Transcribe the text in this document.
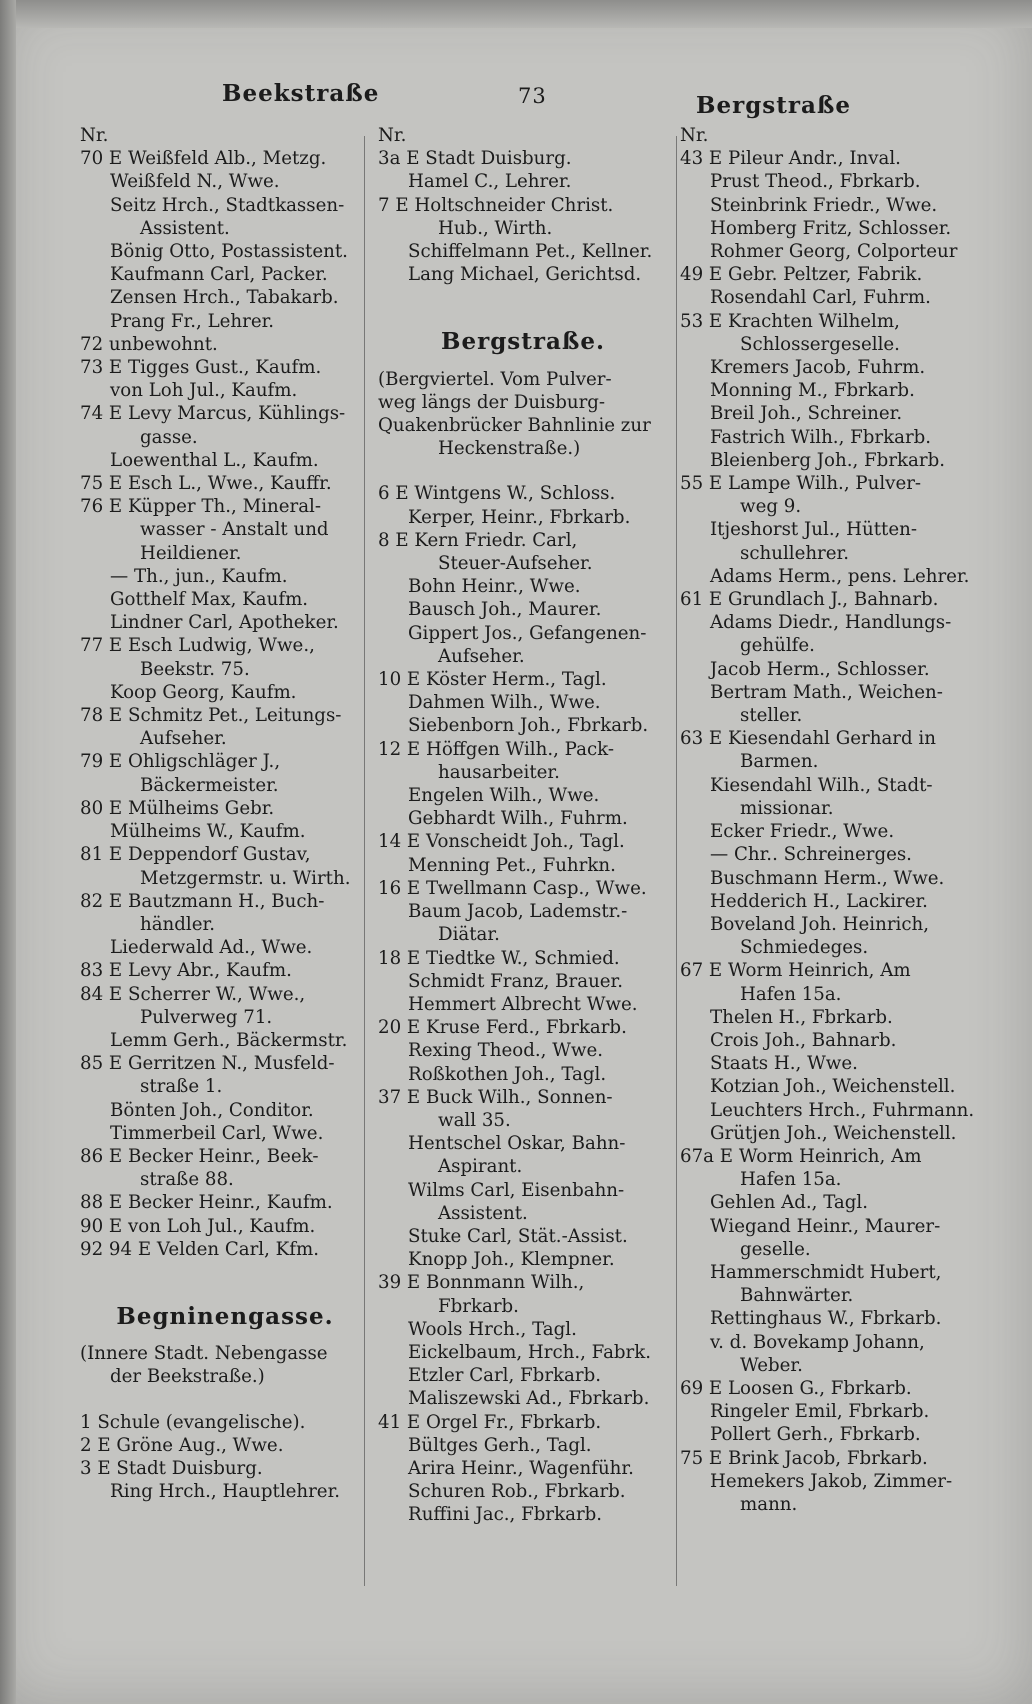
Beekstraße	73	Bergstraße
Nr.
70 E Weißfeld Alb., Metzg.
Weißfeld N., Wwe.
Seitz Hrch., Stadtkassen-
Assistent.
Bönig Otto, Postassistent.
Kaufmann Carl, Packer.
Zensen Hrch., Tabakarb.
Prang Fr., Lehrer.
72 unbewohnt.
73 E Tigges Gust., Kaufm.
von Loh Jul., Kaufm.
74 E Levy Marcus, Kühlings-
gasse.
Loewenthal L., Kaufm.
75 E Esch L., Wwe., Kauffr.
76 E Küpper Th., Mineral-
wasser - Anstalt und
Heildiener.
— Th., jun., Kaufm.
Gotthelf Max, Kaufm.
Lindner Carl, Apotheker.
77 E Esch Ludwig, Wwe.,
Beekstr. 75.
Koop Georg, Kaufm.
78 E Schmitz Pet., Leitungs-
Aufseher.
79 E Ohligschläger J.,
Bäckermeister.
80 E Mülheims Gebr.
Mülheims W., Kaufm.
81 E Deppendorf Gustav,
Metzgermstr. u. Wirth.
82 E Bautzmann H., Buch-
händler.
Liederwald Ad., Wwe.
83 E Levy Abr., Kaufm.
84 E Scherrer W., Wwe.,
Pulverweg 71.
Lemm Gerh., Bäckermstr.
85 E Gerritzen N., Musfeld-
straße 1.
Bönten Joh., Conditor.
Timmerbeil Carl, Wwe.
86 E Becker Heinr., Beek-
straße 88.
88 E Becker Heinr., Kaufm.
90 E von Loh Jul., Kaufm.
92 94 E Velden Carl, Kfm.
Begninengasse.
(Innere Stadt. Nebengasse
der Beekstraße.)
1 Schule (evangelische).
2 E Gröne Aug., Wwe.
3 E Stadt Duisburg.
Ring Hrch., Hauptlehrer.
Nr.
3a E Stadt Duisburg.
Hamel C., Lehrer.
7 E Holtschneider Christ.
Hub., Wirth.
Schiffelmann Pet., Kellner.
Lang Michael, Gerichtsd.
Bergstraße.
(Bergviertel. Vom Pulver-
weg längs der Duisburg-
Quakenbrücker Bahnlinie zur
Heckenstraße.)
6 E Wintgens W., Schloss.
Kerper, Heinr., Fbrkarb.
8 E Kern Friedr. Carl,
Steuer-Aufseher.
Bohn Heinr., Wwe.
Bausch Joh., Maurer.
Gippert Jos., Gefangenen-
Aufseher.
10 E Köster Herm., Tagl.
Dahmen Wilh., Wwe.
Siebenborn Joh., Fbrkarb.
12 E Höffgen Wilh., Pack-
hausarbeiter.
Engelen Wilh., Wwe.
Gebhardt Wilh., Fuhrm.
14 E Vonscheidt Joh., Tagl.
Menning Pet., Fuhrkn.
16 E Twellmann Casp., Wwe.
Baum Jacob, Lademstr.-
Diätar.
18 E Tiedtke W., Schmied.
Schmidt Franz, Brauer.
Hemmert Albrecht Wwe.
20 E Kruse Ferd., Fbrkarb.
Rexing Theod., Wwe.
Roßkothen Joh., Tagl.
37 E Buck Wilh., Sonnen-
wall 35.
Hentschel Oskar, Bahn-
Aspirant.
Wilms Carl, Eisenbahn-
Assistent.
Stuke Carl, Stät.-Assist.
Knopp Joh., Klempner.
39 E Bonnmann Wilh.,
Fbrkarb.
Wools Hrch., Tagl.
Eickelbaum, Hrch., Fabrk.
Etzler Carl, Fbrkarb.
Maliszewski Ad., Fbrkarb.
41 E Orgel Fr., Fbrkarb.
Bültges Gerh., Tagl.
Arira Heinr., Wagenführ.
Schuren Rob., Fbrkarb.
Ruffini Jac., Fbrkarb.
Nr.
43 E Pileur Andr., Inval.
Prust Theod., Fbrkarb.
Steinbrink Friedr., Wwe.
Homberg Fritz, Schlosser.
Rohmer Georg, Colporteur
49 E Gebr. Peltzer, Fabrik.
Rosendahl Carl, Fuhrm.
53 E Krachten Wilhelm,
Schlossergeselle.
Kremers Jacob, Fuhrm.
Monning M., Fbrkarb.
Breil Joh., Schreiner.
Fastrich Wilh., Fbrkarb.
Bleienberg Joh., Fbrkarb.
55 E Lampe Wilh., Pulver-
weg 9.
Itjeshorst Jul., Hütten-
schullehrer.
Adams Herm., pens. Lehrer.
61 E Grundlach J., Bahnarb.
Adams Diedr., Handlungs-
gehülfe.
Jacob Herm., Schlosser.
Bertram Math., Weichen-
steller.
63 E Kiesendahl Gerhard in
Barmen.
Kiesendahl Wilh., Stadt-
missionar.
Ecker Friedr., Wwe.
— Chr.. Schreinerges.
Buschmann Herm., Wwe.
Hedderich H., Lackirer.
Boveland Joh. Heinrich,
Schmiedeges.
67 E Worm Heinrich, Am
Hafen 15a.
Thelen H., Fbrkarb.
Crois Joh., Bahnarb.
Staats H., Wwe.
Kotzian Joh., Weichenstell.
Leuchters Hrch., Fuhrmann.
Grütjen Joh., Weichenstell.
67a E Worm Heinrich, Am
Hafen 15a.
Gehlen Ad., Tagl.
Wiegand Heinr., Maurer-
geselle.
Hammerschmidt Hubert,
Bahnwärter.
Rettinghaus W., Fbrkarb.
v. d. Bovekamp Johann,
Weber.
69 E Loosen G., Fbrkarb.
Ringeler Emil, Fbrkarb.
Pollert Gerh., Fbrkarb.
75 E Brink Jacob, Fbrkarb.
Hemekers Jakob, Zimmer-
mann.
